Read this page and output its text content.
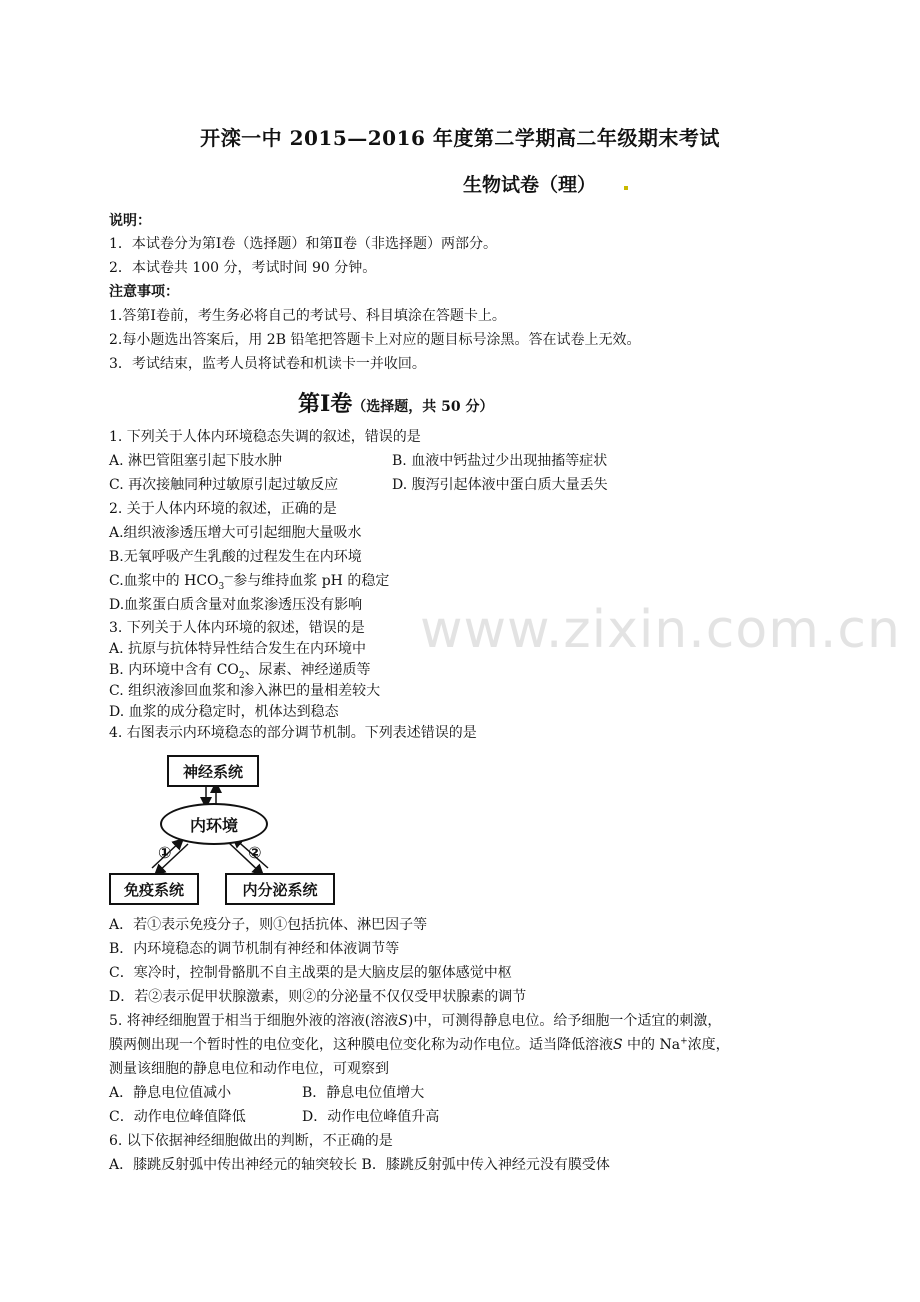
开滦一中 2015—2016 年度第二学期高二年级期末考试
生物试卷（理）
说明：
1．本试卷分为第Ⅰ卷（选择题）和第Ⅱ卷（非选择题）两部分。
2．本试卷共 100 分，考试时间 90 分钟。
注意事项：
1.答第Ⅰ卷前，考生务必将自己的考试号、科目填涂在答题卡上。
2.每小题选出答案后，用 2B 铅笔把答题卡上对应的题目标号涂黑。答在试卷上无效。
3．考试结束，监考人员将试卷和机读卡一并收回。
第Ⅰ卷（选择题，共 50 分）
www.zixin.com.cn
1. 下列关于人体内环境稳态失调的叙述，错误的是
A. 淋巴管阻塞引起下肢水肿	B. 血液中钙盐过少出现抽搐等症状
C. 再次接触同种过敏原引起过敏反应	D. 腹泻引起体液中蛋白质大量丢失
2. 关于人体内环境的叙述，正确的是
A.组织液渗透压增大可引起细胞大量吸水
B.无氧呼吸产生乳酸的过程发生在内环境
C.血浆中的 $HCO_3^—$参与维持血浆 pH 的稳定
D.血浆蛋白质含量对血浆渗透压没有影响
3. 下列关于人体内环境的叙述，错误的是
A. 抗原与抗体特异性结合发生在内环境中
B. 内环境中含有 $CO_2$、尿素、神经递质等
C. 组织液渗回血浆和渗入淋巴的量相差较大
D. 血浆的成分稳定时，机体达到稳态
4. 右图表示内环境稳态的部分调节机制。下列表述错误的是
神经系统
内环境
①	②
免疫系统	内分泌系统
A．若①表示免疫分子，则①包括抗体、淋巴因子等
B．内环境稳态的调节机制有神经和体液调节等
C．寒冷时，控制骨骼肌不自主战栗的是大脑皮层的躯体感觉中枢
D．若②表示促甲状腺激素，则②的分泌量不仅仅受甲状腺素的调节
5. 将神经细胞置于相当于细胞外液的溶液(溶液S)中，可测得静息电位。给予细胞一个适宜的刺激，
膜两侧出现一个暂时性的电位变化，这种膜电位变化称为动作电位。适当降低溶液S 中的 Na+浓度，
测量该细胞的静息电位和动作电位，可观察到
A．静息电位值减小	B．静息电位值增大
C．动作电位峰值降低	D．动作电位峰值升高
6. 以下依据神经细胞做出的判断，不正确的是
A．膝跳反射弧中传出神经元的轴突较长 B．膝跳反射弧中传入神经元没有膜受体
